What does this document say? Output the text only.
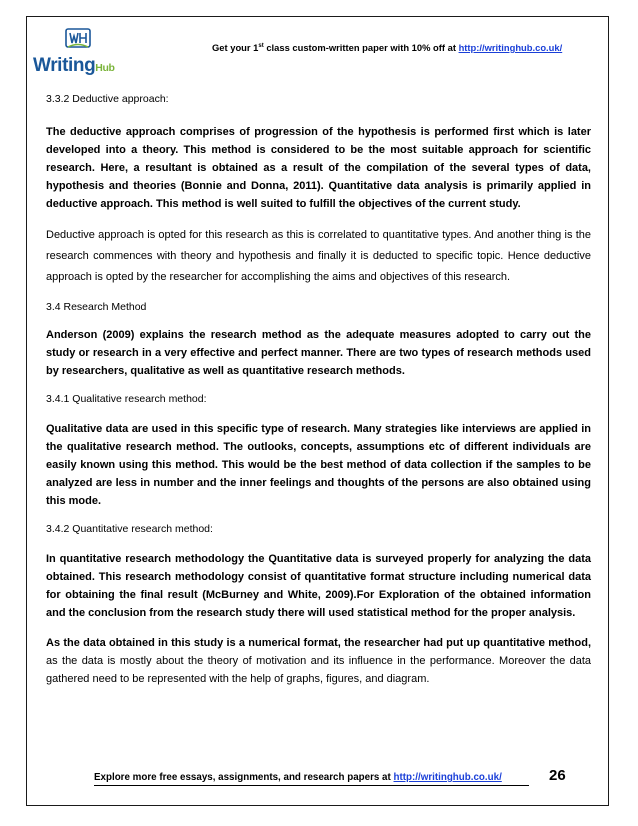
WritingHub
Get your 1st class custom-written paper with 10% off at http://writinghub.co.uk/

3.3.2 Deductive approach:

The deductive approach comprises of progression of the hypothesis is performed first which is later developed into a theory. This method is considered to be the most suitable approach for scientific research. Here, a resultant is obtained as a result of the compilation of the several types of data, hypothesis and theories (Bonnie and Donna, 2011). Quantitative data analysis is primarily applied in deductive approach. This method is well suited to fulfill the objectives of the current study.

Deductive approach is opted for this research as this is correlated to quantitative types. And another thing is the research commences with theory and hypothesis and finally it is deducted to specific topic. Hence deductive approach is opted by the researcher for accomplishing the aims and objectives of this research.

3.4 Research Method

Anderson (2009) explains the research method as the adequate measures adopted to carry out the study or research in a very effective and perfect manner. There are two types of research methods used by researchers, qualitative as well as quantitative research methods.

3.4.1 Qualitative research method:

Qualitative data are used in this specific type of research. Many strategies like interviews are applied in the qualitative research method. The outlooks, concepts, assumptions etc of different individuals are easily known using this method. This would be the best method of data collection if the samples to be analyzed are less in number and the inner feelings and thoughts of the persons are also obtained using this mode.

3.4.2 Quantitative research method:

In quantitative research methodology the Quantitative data is surveyed properly for analyzing the data obtained. This research methodology consist of quantitative format structure including numerical data for obtaining the final result (McBurney and White, 2009).For Exploration of the obtained information and the conclusion from the research study there will used statistical method for the proper analysis.

As the data obtained in this study is a numerical format, the researcher had put up quantitative method, as the data is mostly about the theory of motivation and its influence in the performance. Moreover the data gathered need to be represented with the help of graphs, figures, and diagram.

Explore more free essays, assignments, and research papers at http://writinghub.co.uk/	26
